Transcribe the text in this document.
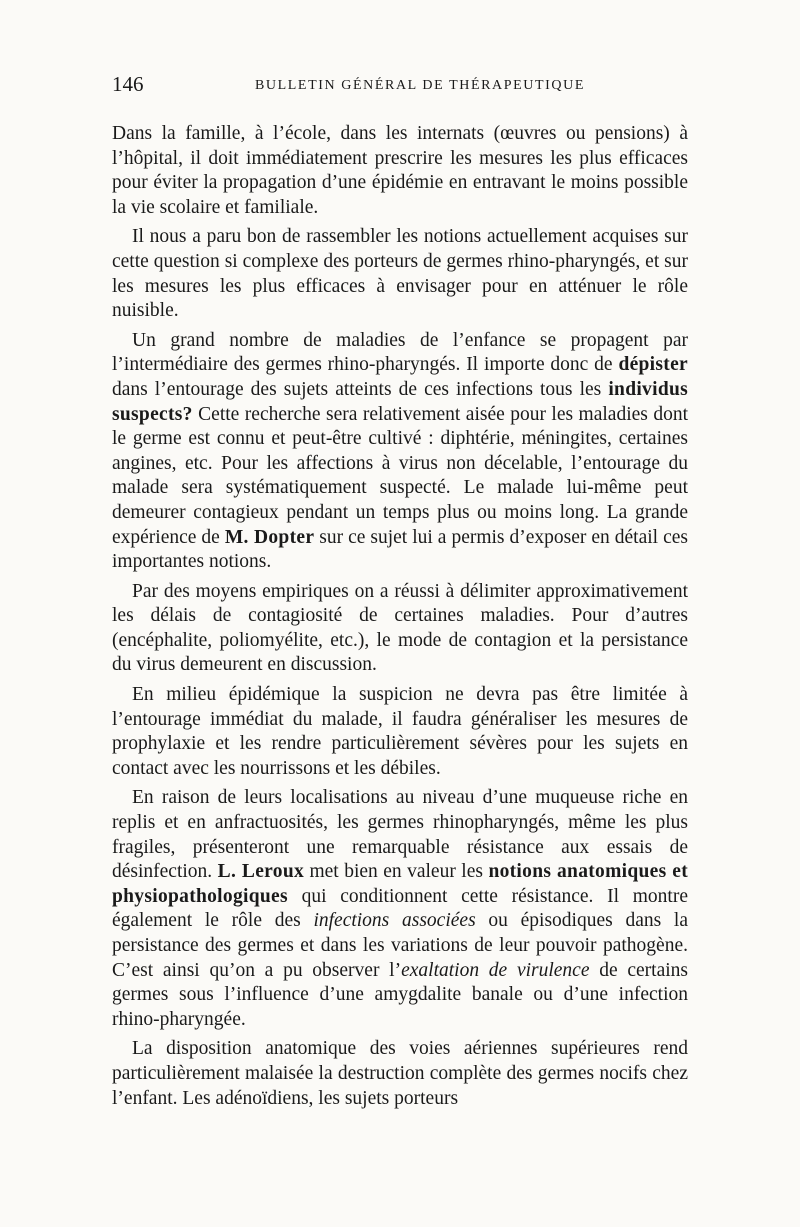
146	BULLETIN GÉNÉRAL DE THÉRAPEUTIQUE

Dans la famille, à l’école, dans les internats (œuvres ou pensions) à l’hôpital, il doit immédiatement prescrire les mesures les plus efficaces pour éviter la propagation d’une épidémie en entravant le moins possible la vie scolaire et familiale.

Il nous a paru bon de rassembler les notions actuellement acquises sur cette question si complexe des porteurs de germes rhino-pharyngés, et sur les mesures les plus efficaces à envisager pour en atténuer le rôle nuisible.

Un grand nombre de maladies de l’enfance se propagent par l’intermédiaire des germes rhino-pharyngés. Il importe donc de dépister dans l’entourage des sujets atteints de ces infections tous les individus suspects? Cette recherche sera relativement aisée pour les maladies dont le germe est connu et peut-être cultivé : diphtérie, méningites, certaines angines, etc. Pour les affections à virus non décelable, l’entourage du malade sera systématiquement suspecté. Le malade lui-même peut demeurer contagieux pendant un temps plus ou moins long. La grande expérience de M. Dopter sur ce sujet lui a permis d’exposer en détail ces importantes notions.

Par des moyens empiriques on a réussi à délimiter approximativement les délais de contagiosité de certaines maladies. Pour d’autres (encéphalite, poliomyélite, etc.), le mode de contagion et la persistance du virus demeurent en discussion.

En milieu épidémique la suspicion ne devra pas être limitée à l’entourage immédiat du malade, il faudra généraliser les mesures de prophylaxie et les rendre particulièrement sévères pour les sujets en contact avec les nourrissons et les débiles.

En raison de leurs localisations au niveau d’une muqueuse riche en replis et en anfractuosités, les germes rhinopharyngés, même les plus fragiles, présenteront une remarquable résistance aux essais de désinfection. L. Leroux met bien en valeur les notions anatomiques et physiopathologiques qui conditionnent cette résistance. Il montre également le rôle des infections associées ou épisodiques dans la persistance des germes et dans les variations de leur pouvoir pathogène. C’est ainsi qu’on a pu observer l’exaltation de virulence de certains germes sous l’influence d’une amygdalite banale ou d’une infection rhino-pharyngée.

La disposition anatomique des voies aériennes supérieures rend particulièrement malaisée la destruction complète des germes nocifs chez l’enfant. Les adénoïdiens, les sujets porteurs
